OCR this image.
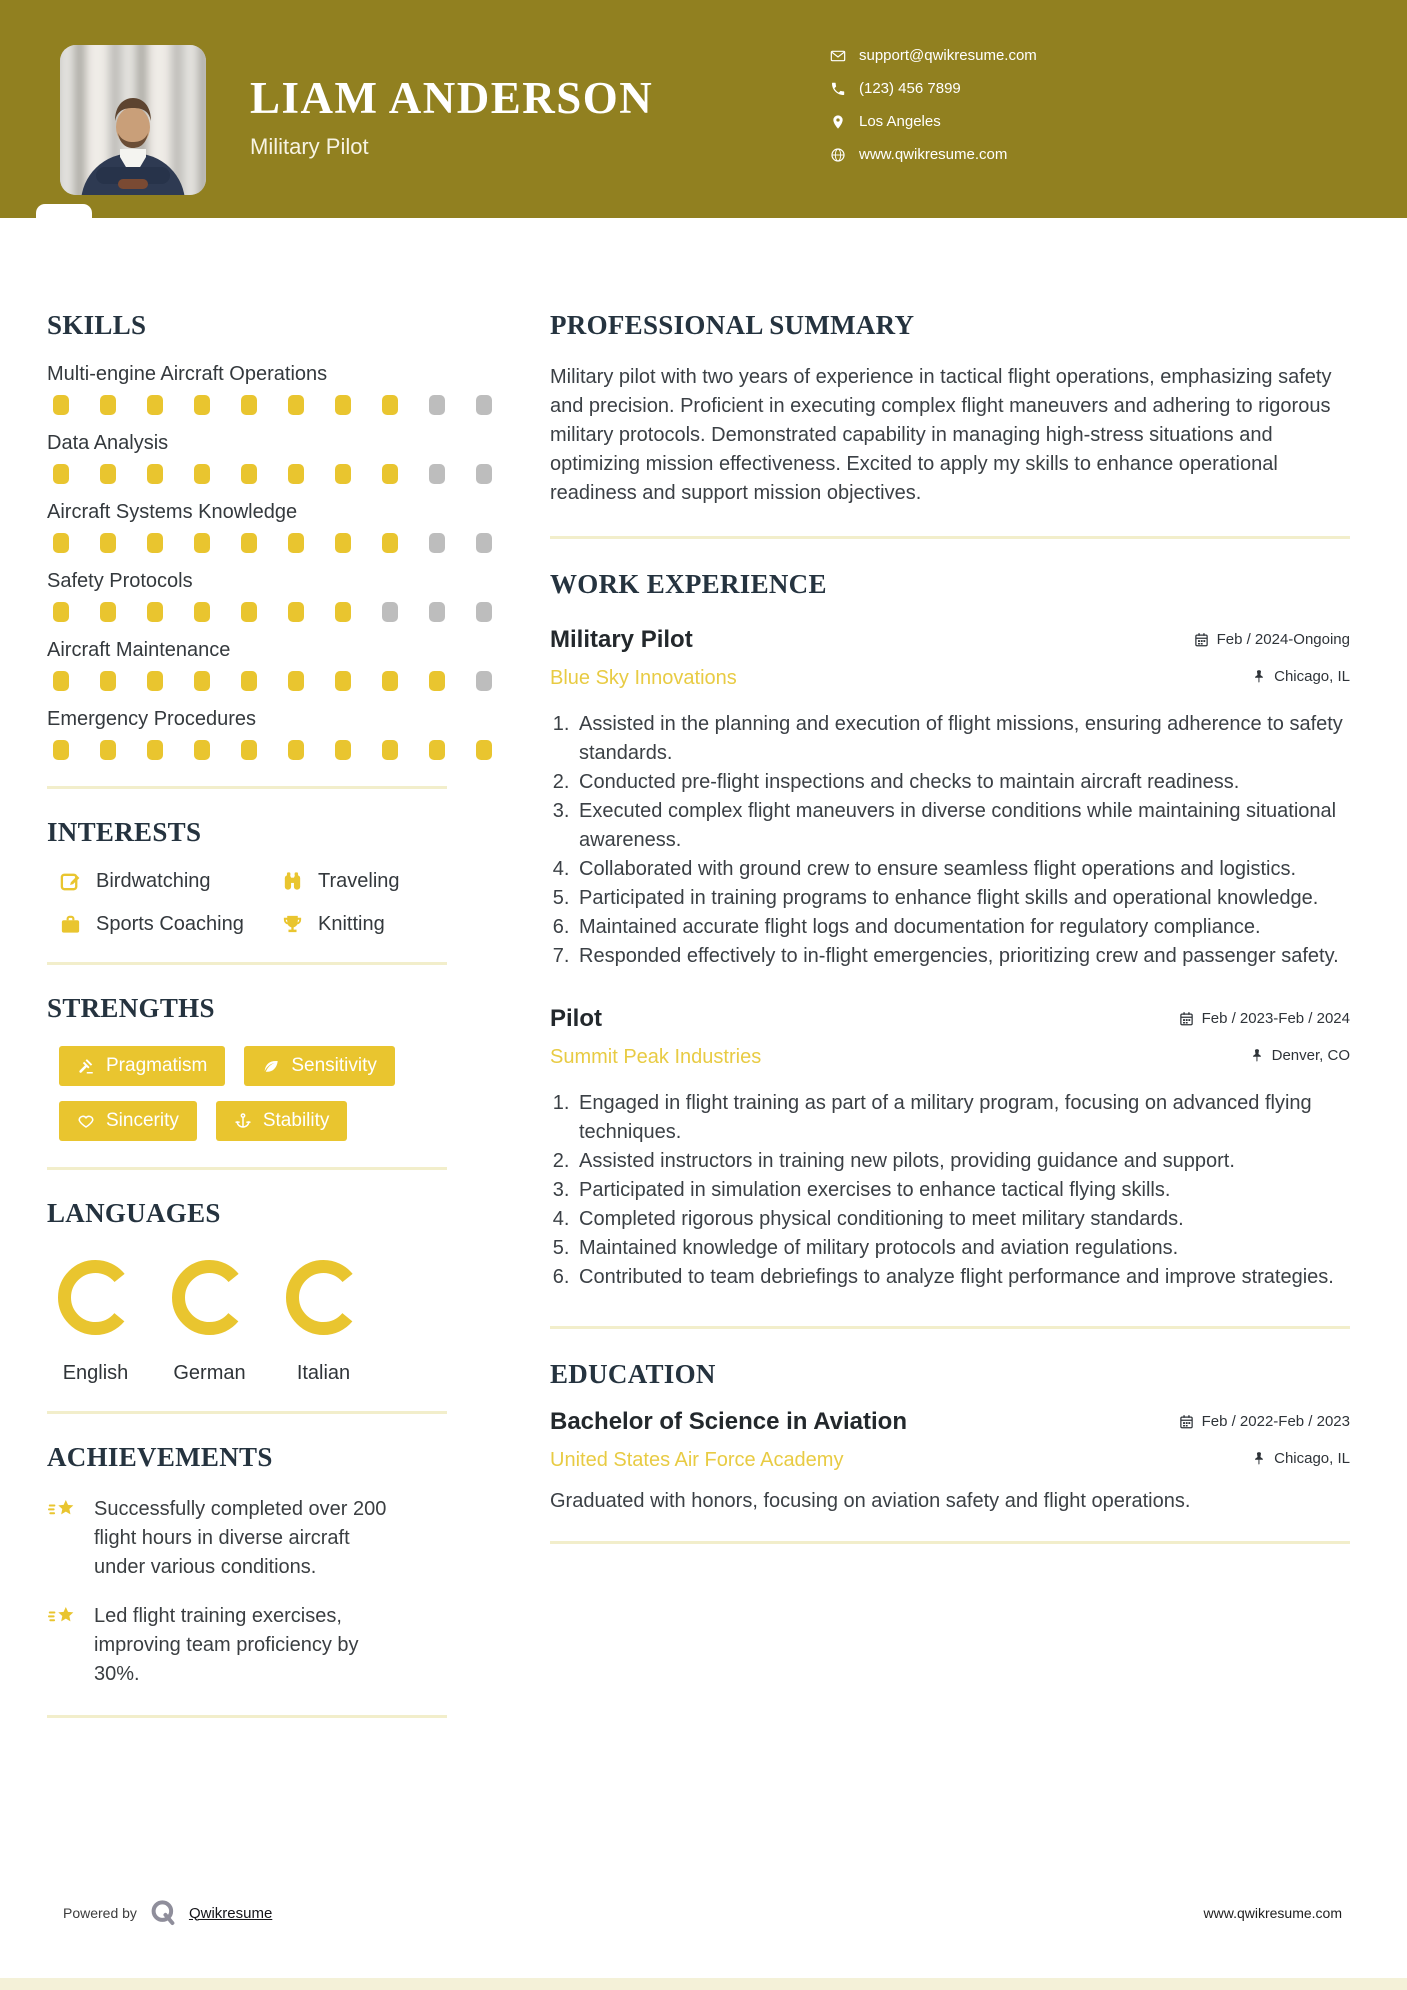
LIAM ANDERSON
Military Pilot
support@qwikresume.com
(123) 456 7899
Los Angeles
www.qwikresume.com
SKILLS
Multi-engine Aircraft Operations
Data Analysis
Aircraft Systems Knowledge
Safety Protocols
Aircraft Maintenance
Emergency Procedures
INTERESTS
Birdwatching	Traveling
Sports Coaching	Knitting
STRENGTHS
Pragmatism	Sensitivity
Sincerity	Stability
LANGUAGES
English German	Italian
ACHIEVEMENTS
Successfully completed over 200 flight hours in diverse aircraft under various conditions.
Led flight training exercises, improving team proficiency by 30%.
PROFESSIONAL SUMMARY

Military pilot with two years of experience in tactical flight operations, emphasizing safety and precision. Proficient in executing complex flight maneuvers and adhering to rigorous military protocols. Demonstrated capability in managing high-stress situations and optimizing mission effectiveness. Excited to apply my skills to enhance operational readiness and support mission objectives.

WORK EXPERIENCE
Military Pilot	Feb / 2024-Ongoing
Blue Sky Innovations	Chicago, IL
1. Assisted in the planning and execution of flight missions, ensuring adherence to safety standards.
2. Conducted pre-flight inspections and checks to maintain aircraft readiness.
3. Executed complex flight maneuvers in diverse conditions while maintaining situational awareness.
4. Collaborated with ground crew to ensure seamless flight operations and logistics.
5. Participated in training programs to enhance flight skills and operational knowledge.
6. Maintained accurate flight logs and documentation for regulatory compliance.
7. Responded effectively to in-flight emergencies, prioritizing crew and passenger safety.
Pilot	Feb / 2023-Feb / 2024
Summit Peak Industries	Denver, CO
1. Engaged in flight training as part of a military program, focusing on advanced flying techniques.
2. Assisted instructors in training new pilots, providing guidance and support.
3. Participated in simulation exercises to enhance tactical flying skills.
4. Completed rigorous physical conditioning to meet military standards.
5. Maintained knowledge of military protocols and aviation regulations.
6. Contributed to team debriefings to analyze flight performance and improve strategies.
EDUCATION
Bachelor of Science in Aviation	Feb / 2022-Feb / 2023
United States Air Force Academy	Chicago, IL
Graduated with honors, focusing on aviation safety and flight operations.
Powered by	Qwikresume	www.qwikresume.com
